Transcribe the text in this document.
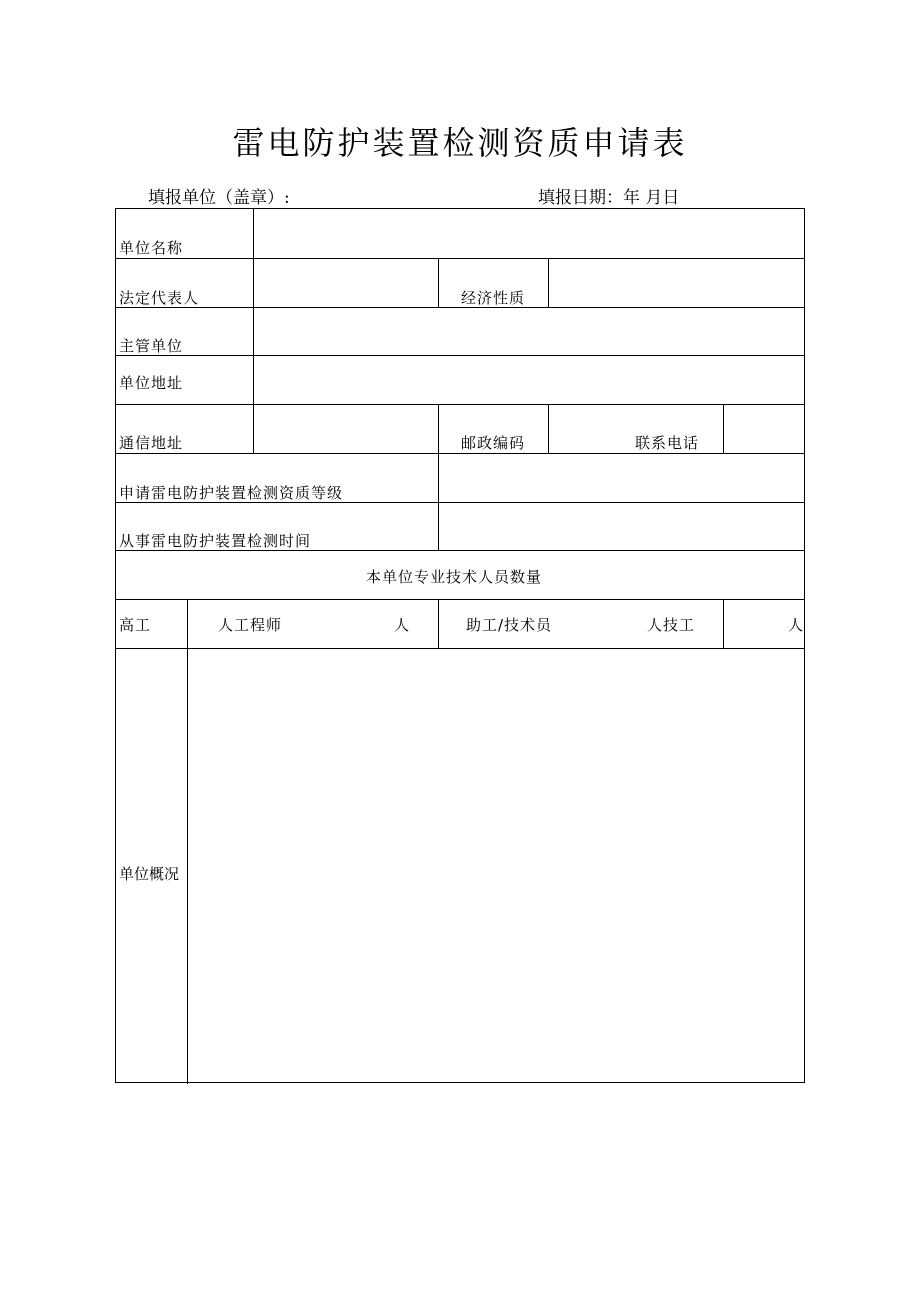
雷电防护装置检测资质申请表
填报单位（盖章）:	填报日期：年 月日
单位名称
法定代表人	经济性质
主管单位
单位地址
通信地址	邮政编码	联系电话
申请雷电防护装置检测资质等级
从事雷电防护装置检测时间
本单位专业技术人员数量
高工	人工程师	人	助工/技术员	人技工	人
单位概况
